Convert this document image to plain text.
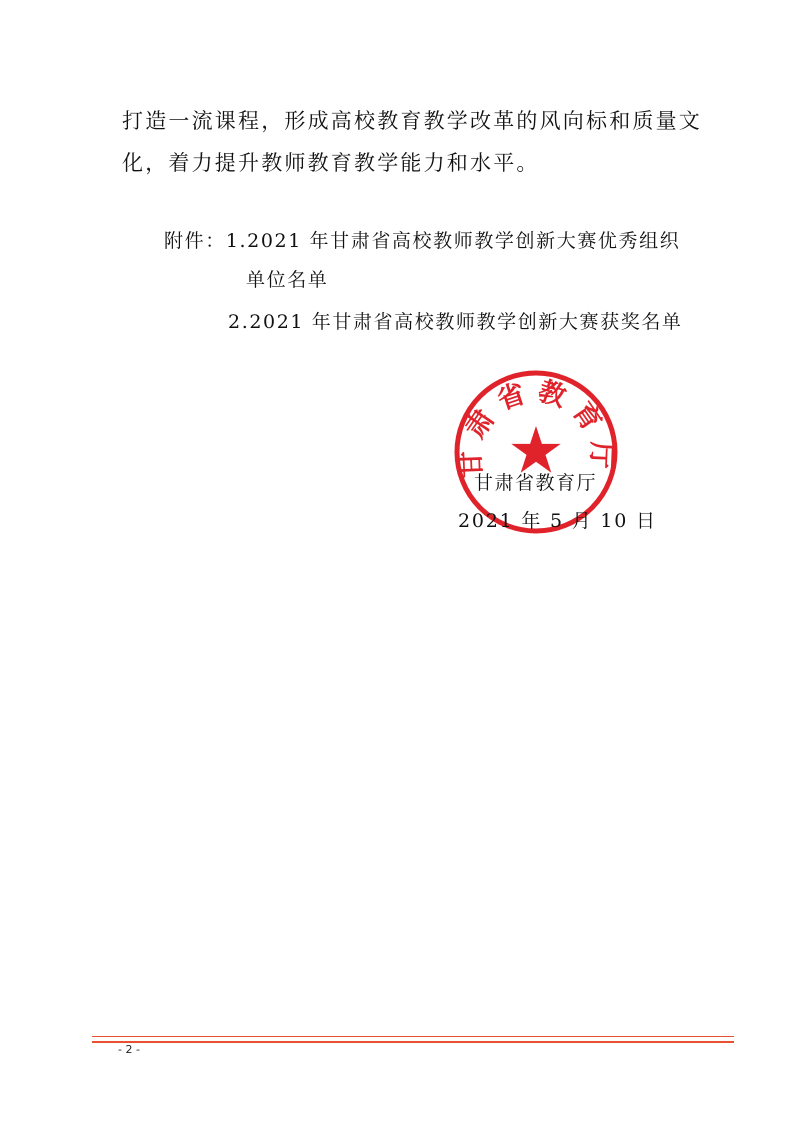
打造一流课程，形成高校教育教学改革的风向标和质量文
化，着力提升教师教育教学能力和水平。
附件：1.2021 年甘肃省高校教师教学创新大赛优秀组织
单位名单
2.2021 年甘肃省高校教师教学创新大赛获奖名单
甘肃省教育厅
甘肃省教育厅
2021 年 5 月 10 日
- 2 -
